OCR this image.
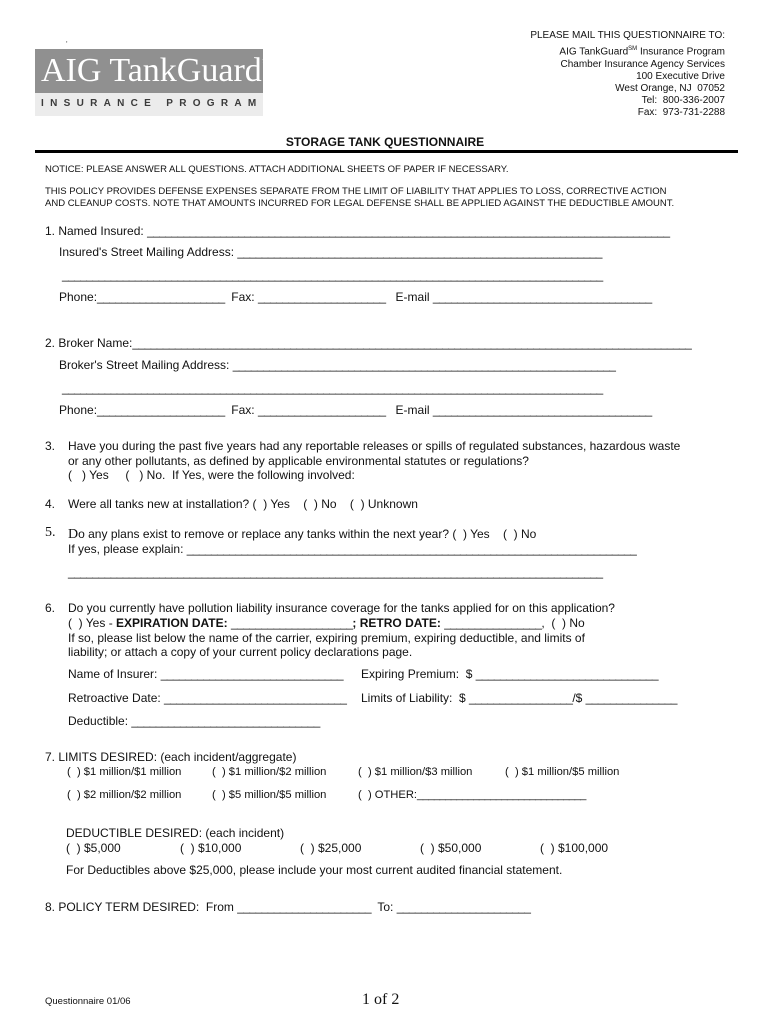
'
AIG TankGuard™
INSURANCE PROGRAM
PLEASE MAIL THIS QUESTIONNAIRE TO:
AIG TankGuard℠ Insurance Program
Chamber Insurance Agency Services
100 Executive Drive
West Orange, NJ  07052
Tel:  800-336-2007
Fax:  973-731-2288
STORAGE TANK QUESTIONNAIRE
NOTICE: PLEASE ANSWER ALL QUESTIONS. ATTACH ADDITIONAL SHEETS OF PAPER IF NECESSARY.
THIS POLICY PROVIDES DEFENSE EXPENSES SEPARATE FROM THE LIMIT OF LIABILITY THAT APPLIES TO LOSS, CORRECTIVE ACTION
AND CLEANUP COSTS. NOTE THAT AMOUNTS INCURRED FOR LEGAL DEFENSE SHALL BE APPLIED AGAINST THE DEDUCTIBLE AMOUNT.
1. Named Insured: ______________________________________________________________________________________
Insured's Street Mailing Address: ____________________________________________________________
_________________________________________________________________________________________
Phone:_____________________ Fax: _____________________ E-mail ____________________________________
2. Broker Name:____________________________________________________________________________________________
Broker's Street Mailing Address: _______________________________________________________________
_________________________________________________________________________________________
Phone:_____________________ Fax: _____________________ E-mail ____________________________________
3. Have you during the past five years had any reportable releases or spills of regulated substances, hazardous waste
or any other pollutants, as defined by applicable environmental statutes or regulations?
(   ) Yes     (   ) No.  If Yes, were the following involved:
4. Were all tanks new at installation? (  ) Yes    (  ) No    (  ) Unknown
5. Do any plans exist to remove or replace any tanks within the next year? (  ) Yes    (  ) No
If yes, please explain: __________________________________________________________________________
________________________________________________________________________________________
6. Do you currently have pollution liability insurance coverage for the tanks applied for on this application?
(  ) Yes - EXPIRATION DATE: ____________________; RETRO DATE: ________________,  (  ) No
If so, please list below the name of the carrier, expiring premium, expiring deductible, and limits of
liability; or attach a copy of your current policy declarations page.
Name of Insurer: ______________________________ Expiring Premium:  $ ______________________________
Retroactive Date: ______________________________ Limits of Liability:  $ _________________/$ _______________
Deductible: _______________________________
7. LIMITS DESIRED: (each incident/aggregate)
(  ) $1 million/$1 million	(  ) $1 million/$2 million	(  ) $1 million/$3 million	(  ) $1 million/$5 million
(  ) $2 million/$2 million	(  ) $5 million/$5 million	(  ) OTHER:______________________________
DEDUCTIBLE DESIRED: (each incident)
(  ) $5,000	(  ) $10,000	(  ) $25,000	(  ) $50,000	(  ) $100,000
For Deductibles above $25,000, please include your most current audited financial statement.
8. POLICY TERM DESIRED:  From ______________________  To: ______________________
Questionnaire 01/06	1 of 2
